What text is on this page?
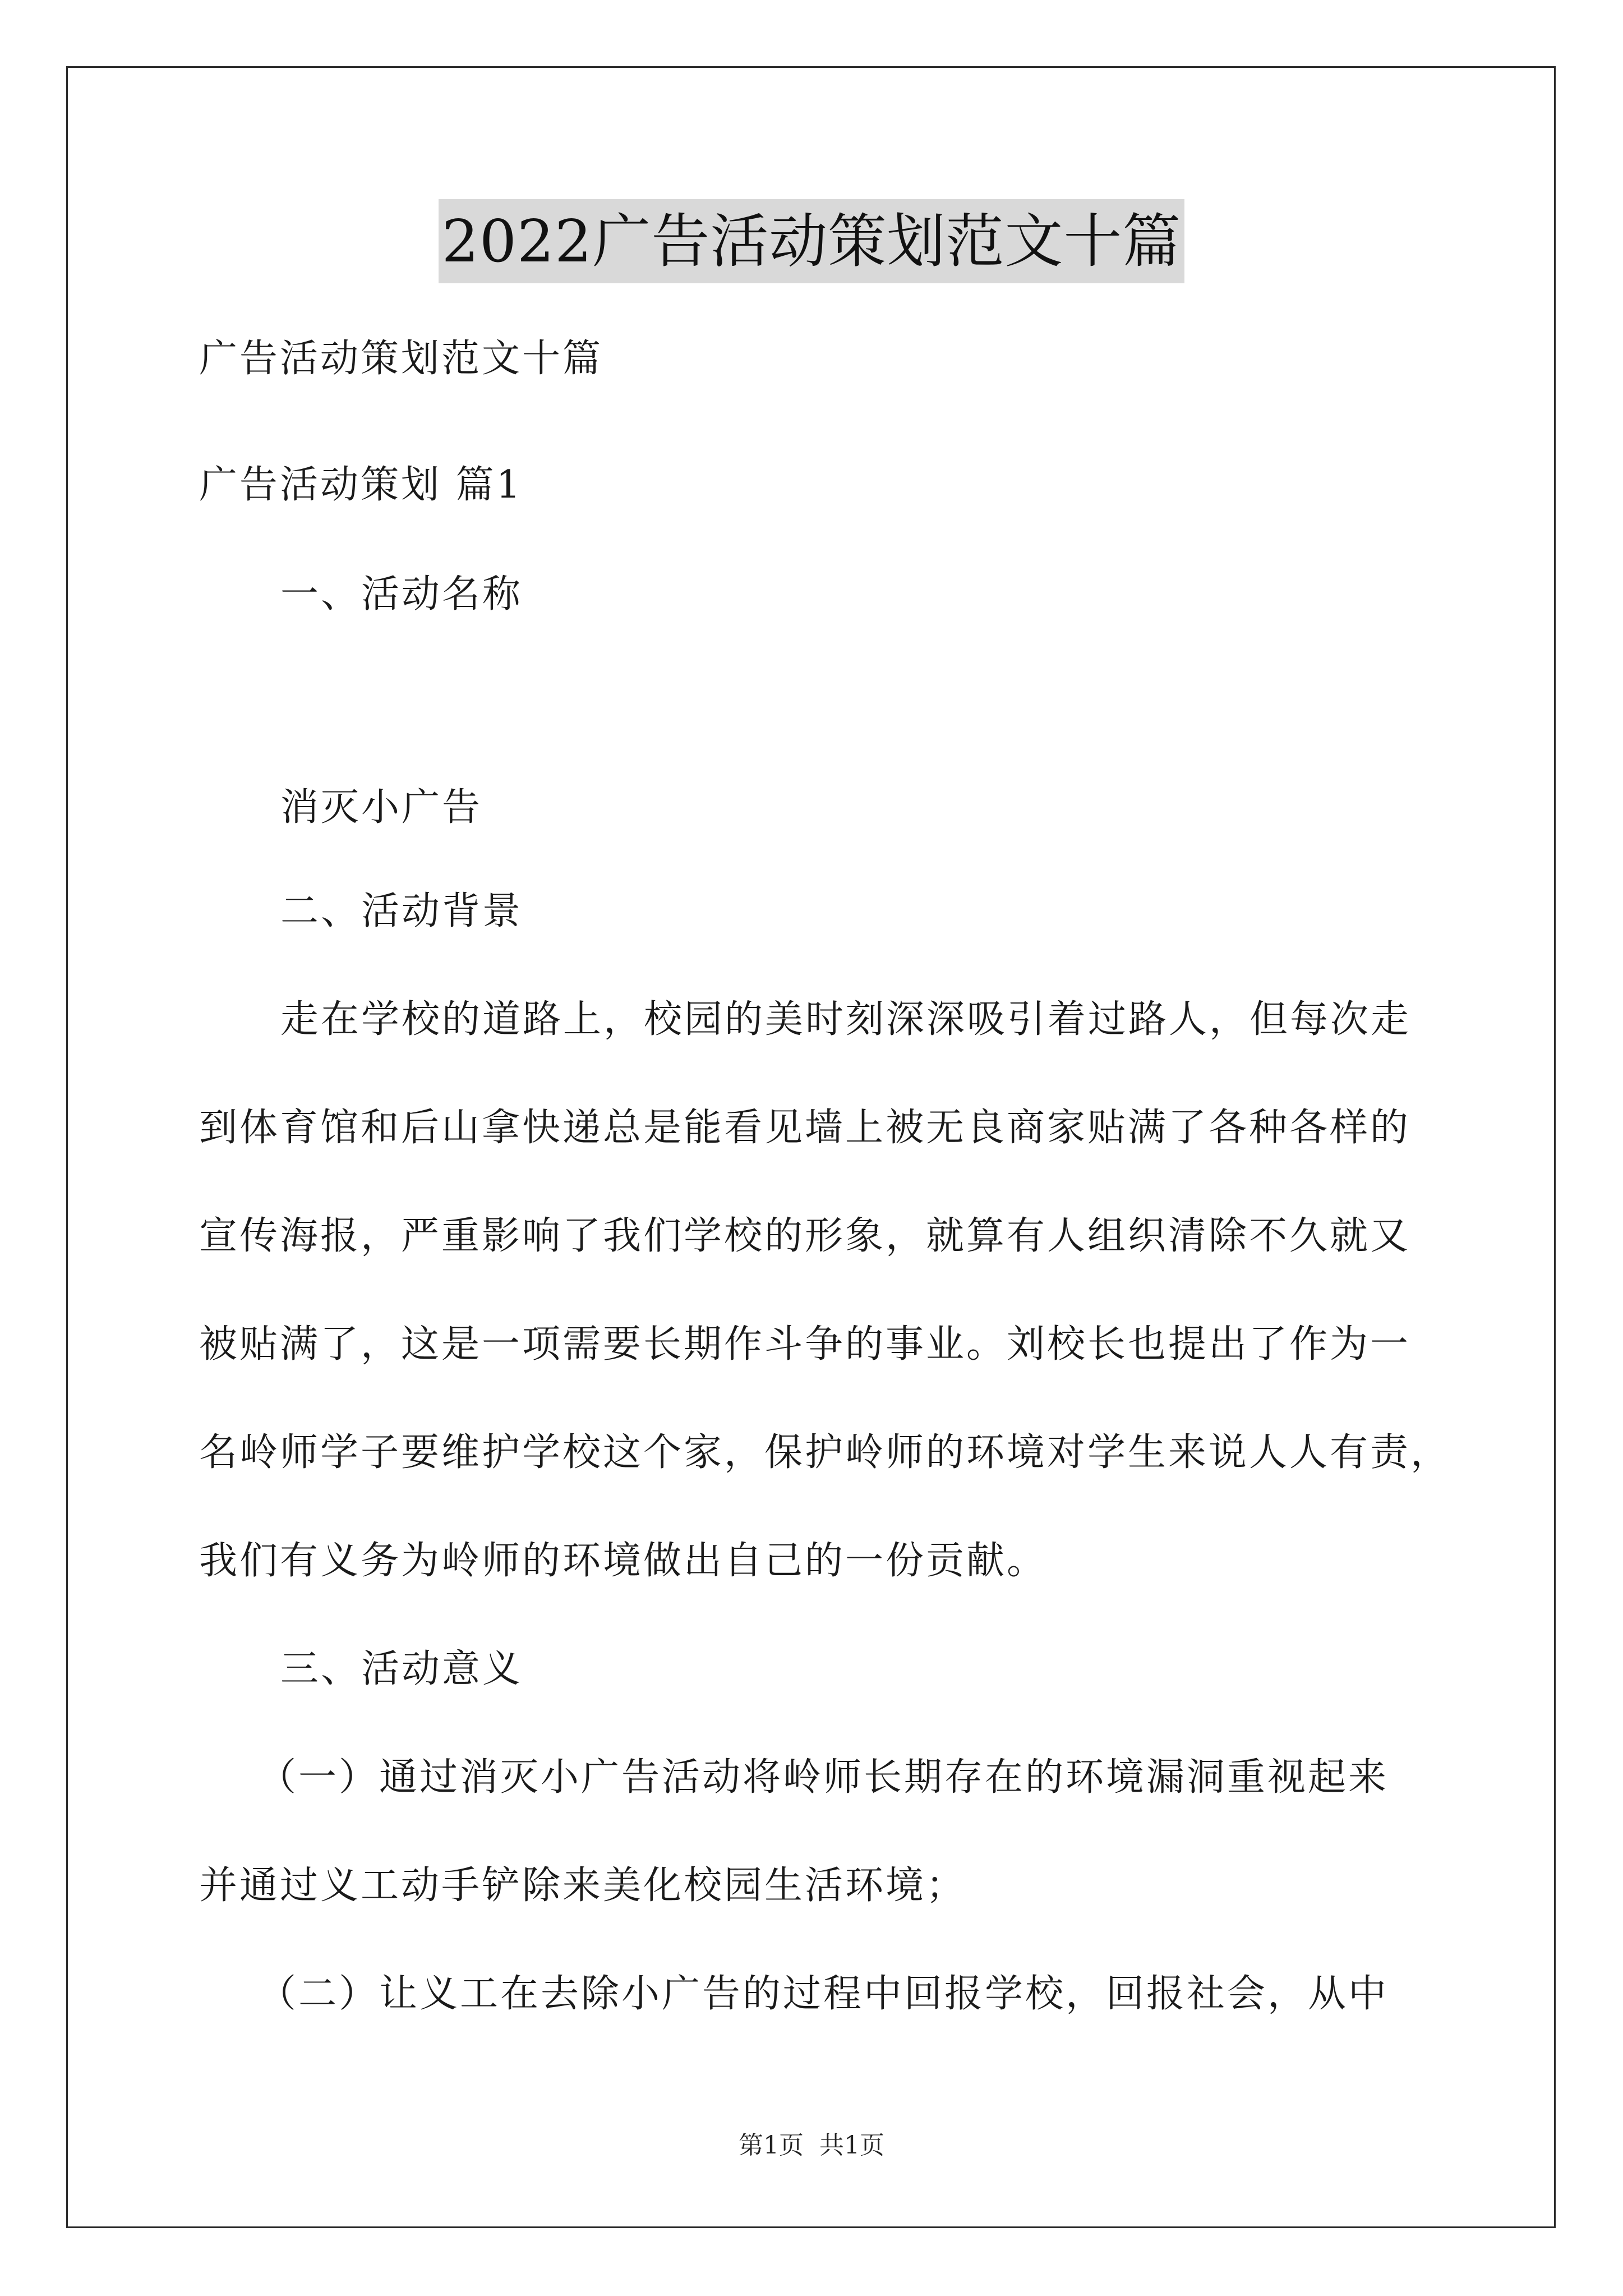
2022广告活动策划范文十篇
广告活动策划范文十篇
广告活动策划 篇1
一、活动名称
消灭小广告
二、活动背景
走在学校的道路上，校园的美时刻深深吸引着过路人，但每次走
到体育馆和后山拿快递总是能看见墙上被无良商家贴满了各种各样的
宣传海报，严重影响了我们学校的形象，就算有人组织清除不久就又
被贴满了，这是一项需要长期作斗争的事业。刘校长也提出了作为一
名岭师学子要维护学校这个家，保护岭师的环境对学生来说人人有责，
我们有义务为岭师的环境做出自己的一份贡献。
三、活动意义
（一）通过消灭小广告活动将岭师长期存在的环境漏洞重视起来
并通过义工动手铲除来美化校园生活环境；
（二）让义工在去除小广告的过程中回报学校，回报社会，从中
第1页 共1页
